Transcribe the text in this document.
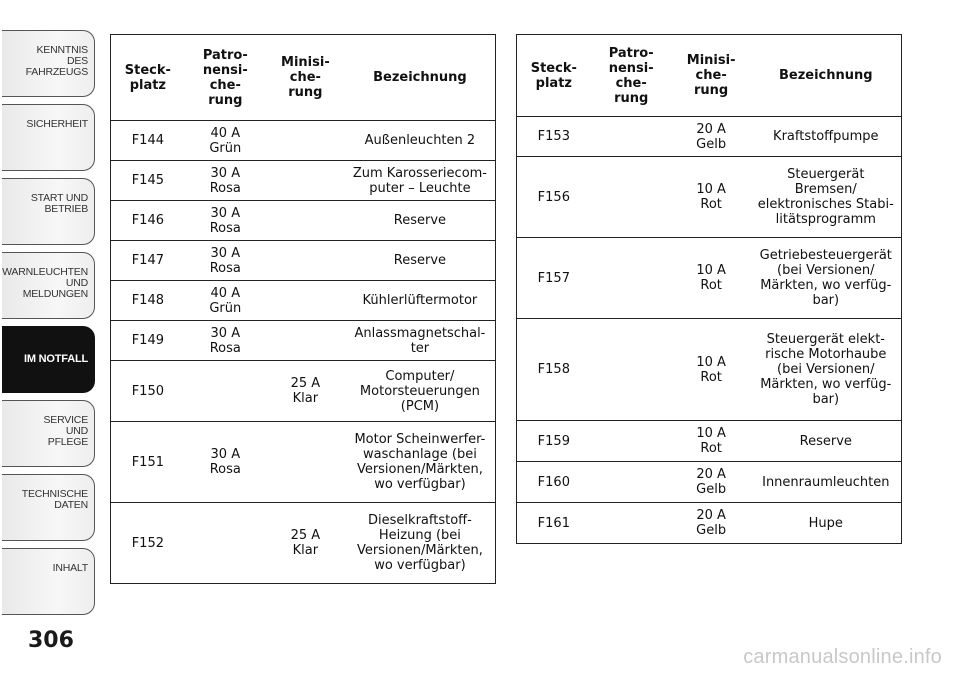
KENNTNIS
DES
FAHRZEUGS
SICHERHEIT
START UND
BETRIEB
WARNLEUCHTEN
UND
MELDUNGEN
IM NOTFALL
SERVICE
UND
PFLEGE
TECHNISCHE
DATEN
INHALT
306
Steck-
platz	Patro-
nensi-
che-
rung	Minisi-
che-
rung	Bezeichnung
F144	40 A
Grün		Außenleuchten 2
F145	30 A
Rosa		Zum Karosseriecom-
puter – Leuchte
F146	30 A
Rosa		Reserve
F147	30 A
Rosa		Reserve
F148	40 A
Grün		Kühlerlüftermotor
F149	30 A
Rosa		Anlassmagnetschal-
ter
F150		25 A
Klar	Computer/
Motorsteuerungen
(PCM)
F151	30 A
Rosa		Motor Scheinwerfer-
waschanlage (bei
Versionen/Märkten,
wo verfügbar)
F152		25 A
Klar	Dieselkraftstoff-
Heizung (bei
Versionen/Märkten,
wo verfügbar)
Steck-
platz	Patro-
nensi-
che-
rung	Minisi-
che-
rung	Bezeichnung
F153		20 A
Gelb	Kraftstoffpumpe
F156		10 A
Rot	Steuergerät
Bremsen/
elektronisches Stabi-
litätsprogramm
F157		10 A
Rot	Getriebesteuergerät
(bei Versionen/
Märkten, wo verfüg-
bar)
F158		10 A
Rot	Steuergerät elekt-
rische Motorhaube
(bei Versionen/
Märkten, wo verfüg-
bar)
F159		10 A
Rot	Reserve
F160		20 A
Gelb	Innenraumleuchten
F161		20 A
Gelb	Hupe
carmanualsonline.info
